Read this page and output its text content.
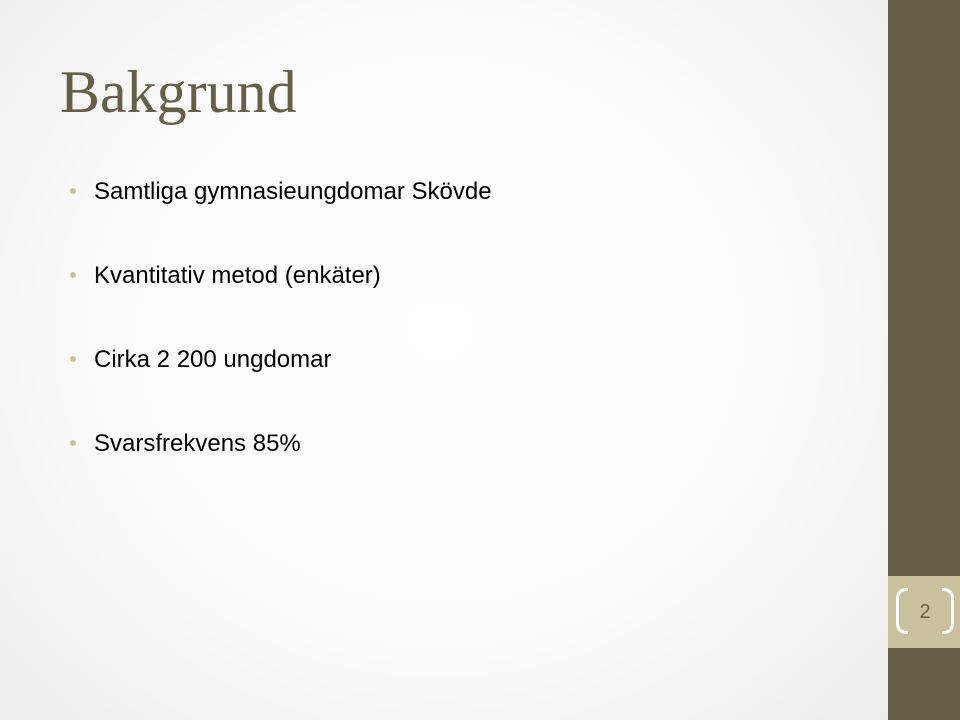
Bakgrund
Samtliga gymnasieungdomar Skövde
Kvantitativ metod (enkäter)
Cirka 2 200 ungdomar
Svarsfrekvens 85%
2
